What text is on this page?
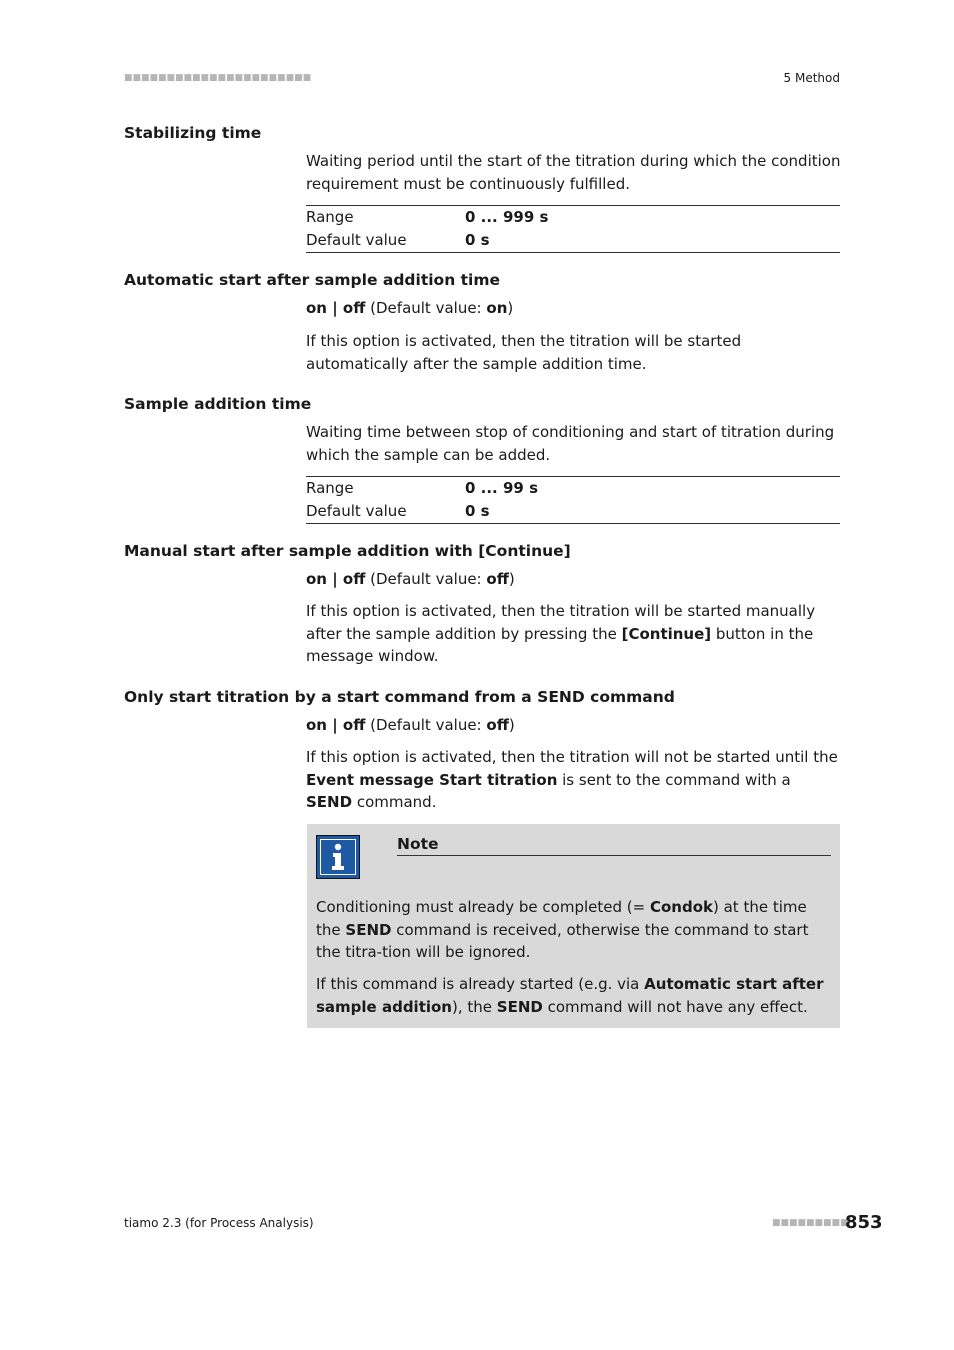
■■■■■■■■■■■■■■■■■■■■■■	5 Method
Stabilizing time
Waiting period until the start of the titration during which the condition requirement must be continuously fulfilled.
Range	0 ... 999 s
Default value	0 s
Automatic start after sample addition time
on | off (Default value: on)
If this option is activated, then the titration will be started automatically after the sample addition time.
Sample addition time
Waiting time between stop of conditioning and start of titration during which the sample can be added.
Range	0 ... 99 s
Default value	0 s
Manual start after sample addition with [Continue]
on | off (Default value: off)
If this option is activated, then the titration will be started manually after the sample addition by pressing the [Continue] button in the message window.
Only start titration by a start command from a SEND command
on | off (Default value: off)
If this option is activated, then the titration will not be started until the Event message Start titration is sent to the command with a SEND command.
Note
Conditioning must already be completed (= Condok) at the time the SEND command is received, otherwise the command to start the titra-tion will be ignored.
If this command is already started (e.g. via Automatic start after sample addition), the SEND command will not have any effect.
tiamo 2.3 (for Process Analysis)	■■■■■■■■■
853
